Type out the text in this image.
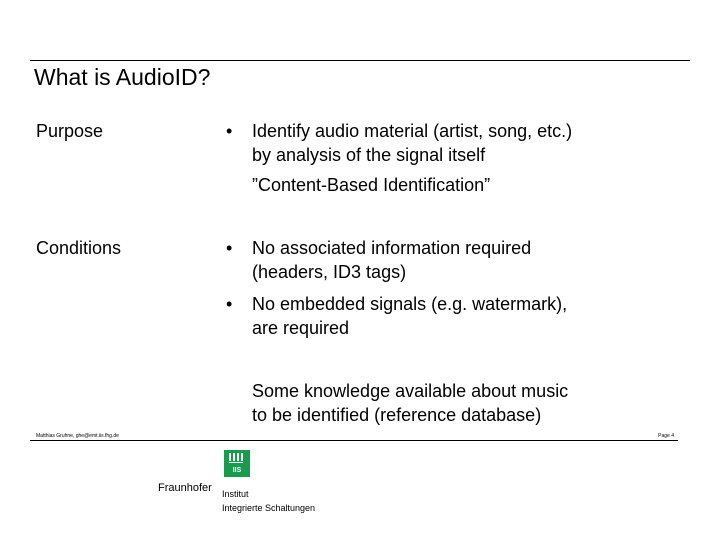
What is AudioID?
Purpose	• Identify audio material (artist, song, etc.)
by analysis of the signal itself
”Content-Based Identification”
Conditions	• No associated information required
(headers, ID3 tags)
• No embedded signals (e.g. watermark),
are required
Some knowledge available about music
to be identified (reference database)
Matthias Gruhne, ghe@emt.iis.fhg.de	Page 4
IIS
Fraunhofer Institut
Integrierte Schaltungen
